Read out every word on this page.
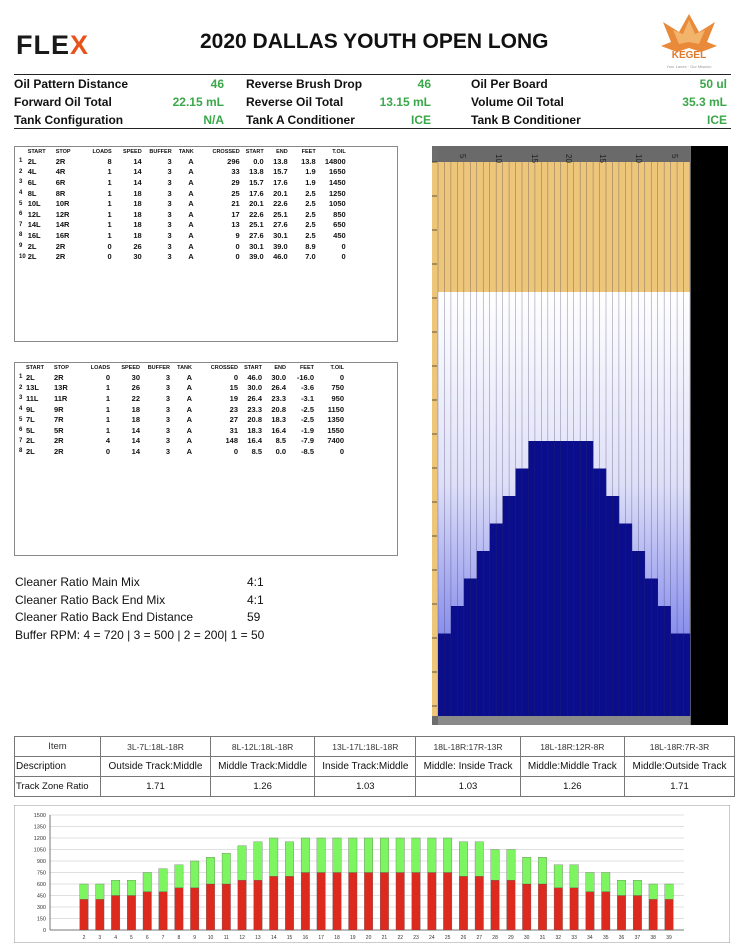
FLEX	2020 DALLAS YOUTH OPEN LONG
KEGEL
Your Lanes · Our Mission
Oil Pattern Distance	46 Reverse Brush Drop	46	Oil Per Board	50 ul
Forward Oil Total	22.15 mL Reverse Oil Total	13.15 mL	Volume Oil Total	35.3 mL
Tank Configuration	N/A Tank A Conditioner	ICE	Tank B Conditioner	ICE
	START	STOP	LOADS	SPEED	BUFFER	TANK	CROSSED	START	END	FEET	T.OIL
1	2L	2R	8	14	3	A	296	0.0	13.8	13.8	14800
2	4L	4R	1	14	3	A	33	13.8	15.7	1.9	1650
3	6L	6R	1	14	3	A	29	15.7	17.6	1.9	1450
4	8L	8R	1	18	3	A	25	17.6	20.1	2.5	1250
5	10L	10R	1	18	3	A	21	20.1	22.6	2.5	1050
6	12L	12R	1	18	3	A	17	22.6	25.1	2.5	850
7	14L	14R	1	18	3	A	13	25.1	27.6	2.5	650
8	16L	16R	1	18	3	A	9	27.6	30.1	2.5	450
9	2L	2R	0	26	3	A	0	30.1	39.0	8.9	0
10	2L	2R	0	30	3	A	0	39.0	46.0	7.0	0
	START	STOP	LOADS	SPEED	BUFFER	TANK	CROSSED	START	END	FEET	T.OIL
1	2L	2R	0	30	3	A	0	46.0	30.0	-16.0	0
2	13L	13R	1	26	3	A	15	30.0	26.4	-3.6	750
3	11L	11R	1	22	3	A	19	26.4	23.3	-3.1	950
4	9L	9R	1	18	3	A	23	23.3	20.8	-2.5	1150
5	7L	7R	1	18	3	A	27	20.8	18.3	-2.5	1350
6	5L	5R	1	14	3	A	31	18.3	16.4	-1.9	1550
7	2L	2R	4	14	3	A	148	16.4	8.5	-7.9	7400
8	2L	2R	0	14	3	A	0	8.5	0.0	-8.5	0
Cleaner Ratio Main Mix	4:1
Cleaner Ratio Back End Mix	4:1
Cleaner Ratio Back End Distance	59
Buffer RPM: 4 = 720 | 3 = 500 | 2 = 200| 1 = 50
5	10	15	20	15	10	5
Item	3L-7L:18L-18R	8L-12L:18L-18R	13L-17L:18L-18R	18L-18R:17R-13R	18L-18R:12R-8R	18L-18R:7R-3R
Description	Outside Track:Middle	Middle Track:Middle	Inside Track:Middle	Middle: Inside Track	Middle:Middle Track	Middle:Outside Track
Track Zone Ratio	1.71	1.26	1.03	1.03	1.26	1.71
0
150
300
450
600
750
900
1050
1200
1350
1500
2	3	4	5	6	7	8	9 10 11 12 13 14 15 16 17 18 19 20 21 22 23 24 25 26 27 28 29 30 31 32 33 34 35 36 37 38 39
